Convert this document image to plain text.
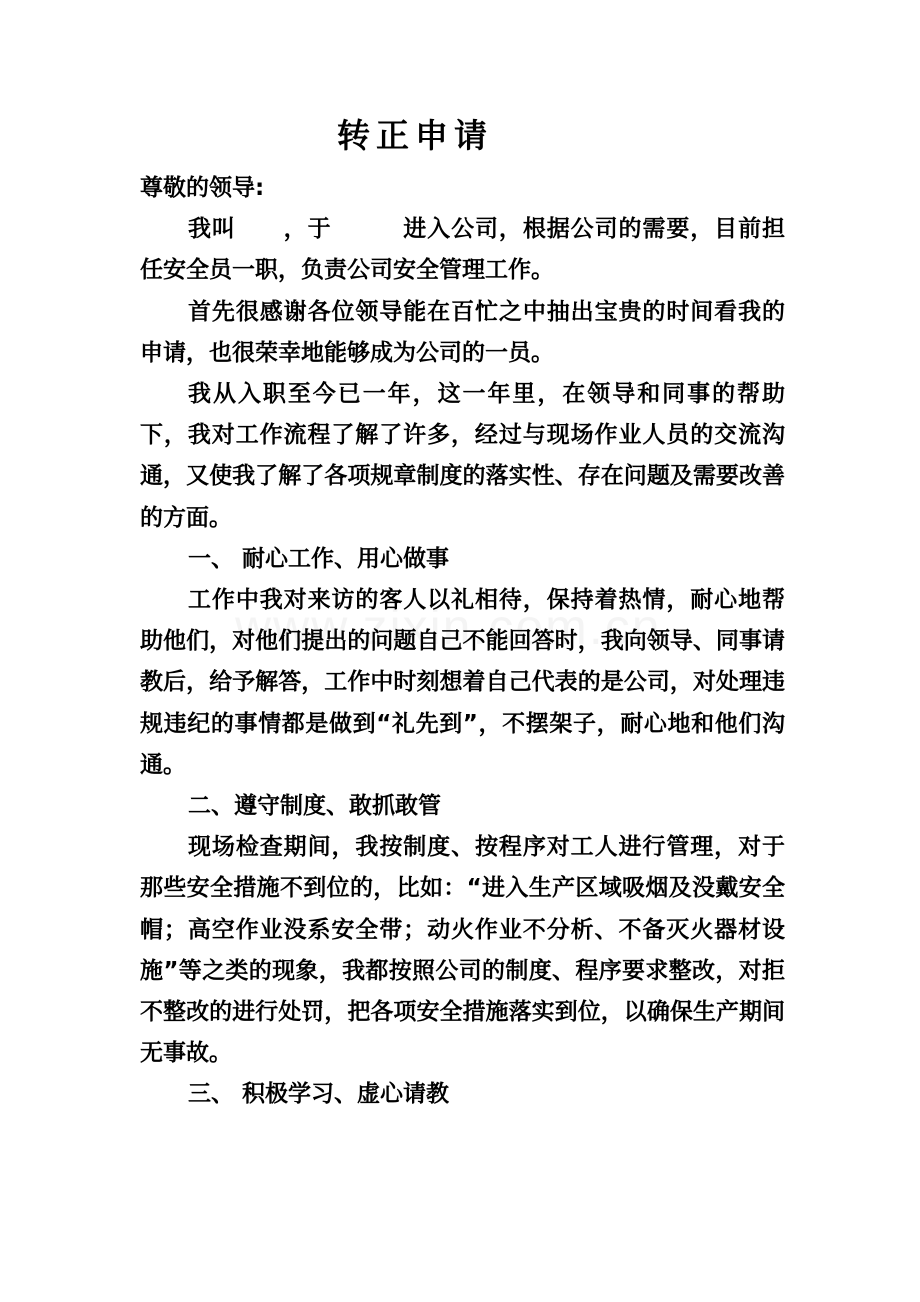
转正申请

尊敬的领导:

我叫　　，于　　　进入公司，根据公司的需要，目前担任安全员一职，负责公司安全管理工作。

首先很感谢各位领导能在百忙之中抽出宝贵的时间看我的申请，也很荣幸地能够成为公司的一员。

我从入职至今已一年，这一年里，在领导和同事的帮助下，我对工作流程了解了许多，经过与现场作业人员的交流沟通，又使我了解了各项规章制度的落实性、存在问题及需要改善的方面。

一、 耐心工作、用心做事

工作中我对来访的客人以礼相待，保持着热情，耐心地帮助他们，对他们提出的问题自己不能回答时，我向领导、同事请教后，给予解答，工作中时刻想着自己代表的是公司，对处理违规违纪的事情都是做到“礼先到”，不摆架子，耐心地和他们沟通。

二、遵守制度、敢抓敢管

现场检查期间，我按制度、按程序对工人进行管理，对于那些安全措施不到位的，比如：“进入生产区域吸烟及没戴安全帽；高空作业没系安全带；动火作业不分析、不备灭火器材设施”等之类的现象，我都按照公司的制度、程序要求整改，对拒不整改的进行处罚，把各项安全措施落实到位，以确保生产期间无事故。

三、 积极学习、虚心请教
